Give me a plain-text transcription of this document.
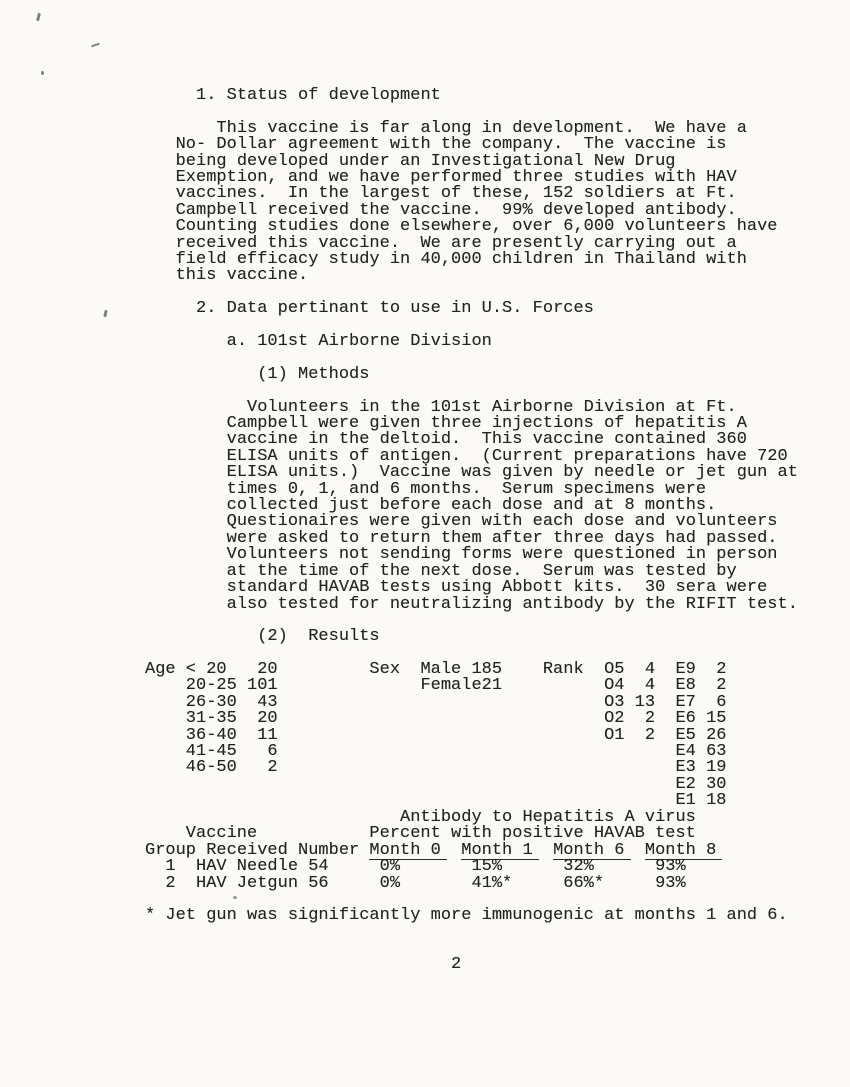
1. Status of development
This vaccine is far along in development.  We have a
No- Dollar agreement with the company.  The vaccine is
being developed under an Investigational New Drug
Exemption, and we have performed three studies with HAV
vaccines.  In the largest of these, 152 soldiers at Ft.
Campbell received the vaccine.  99% developed antibody.
Counting studies done elsewhere, over 6,000 volunteers have
received this vaccine.  We are presently carrying out a
field efficacy study in 40,000 children in Thailand with
this vaccine.
2. Data pertinant to use in U.S. Forces
a. 101st Airborne Division
(1) Methods
Volunteers in the 101st Airborne Division at Ft.
Campbell were given three injections of hepatitis A
vaccine in the deltoid.  This vaccine contained 360
ELISA units of antigen.  (Current preparations have 720
ELISA units.)  Vaccine was given by needle or jet gun at
times 0, 1, and 6 months.  Serum specimens were
collected just before each dose and at 8 months.
Questionaires were given with each dose and volunteers
were asked to return them after three days had passed.
Volunteers not sending forms were questioned in person
at the time of the next dose.  Serum was tested by
standard HAVAB tests using Abbott kits.  30 sera were
also tested for neutralizing antibody by the RIFIT test.
(2)  Results
Age < 20	20
20-25 101
26-30	43
31-35	20
36-40	11
41-45	6
46-50	2
Sex Male 185
Female 21
Rank O5	4
O4	4
O3 13
O2	2
O1	2
E9	2
E8	2
E7	6
E6 15
E5 26
E4 63
E3 19
E2 30
E1 18
Antibody to Hepatitis A virus
Vaccine	Percent with positive HAVAB test
Group Received Number Month 0	Month 1	Month 6	Month 8
1 HAV Needle 54	0%	15%	32%	93%
2 HAV Jetgun 56	0%	41%*	66%*	93%
* Jet gun was significantly more immunogenic at months 1 and 6.
2
